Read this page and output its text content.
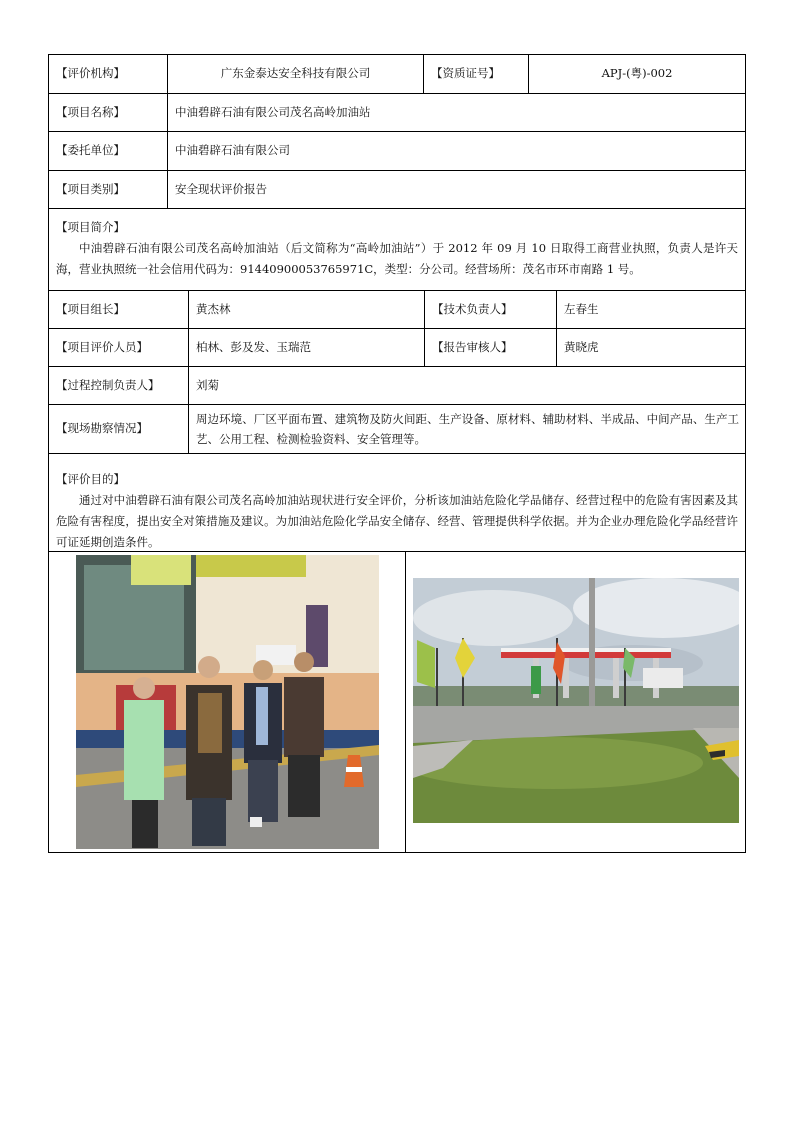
【评价机构】	广东金泰达安全科技有限公司	【资质证号】	APJ-(粤)-002
【项目名称】	中油碧辟石油有限公司茂名高岭加油站
【委托单位】	中油碧辟石油有限公司
【项目类别】	安全现状评价报告
【项目简介】
中油碧辟石油有限公司茂名高岭加油站（后文简称为“高岭加油站”）于 2012 年 09 月 10 日取得工商营业执照，负责人是许天海，营业执照统一社会信用代码为：91440900053765971C，类型：分公司。经营场所：茂名市环市南路 1 号。
【项目组长】	黄杰林	【技术负责人】	左春生
【项目评价人员】	柏林、彭及发、玉瑞范	【报告审核人】	黄晓虎
【过程控制负责人】	刘菊
【现场勘察情况】
周边环境、厂区平面布置、建筑物及防火间距、生产设备、原材料、辅助材料、半成品、中间产品、生产工艺、公用工程、检测检验资料、安全管理等。
【评价目的】
通过对中油碧辟石油有限公司茂名高岭加油站现状进行安全评价，分析该加油站危险化学品储存、经营过程中的危险有害因素及其危险有害程度，提出安全对策措施及建议。为加油站危险化学品安全储存、经营、管理提供科学依据。并为企业办理危险化学品经营许可证延期创造条件。
